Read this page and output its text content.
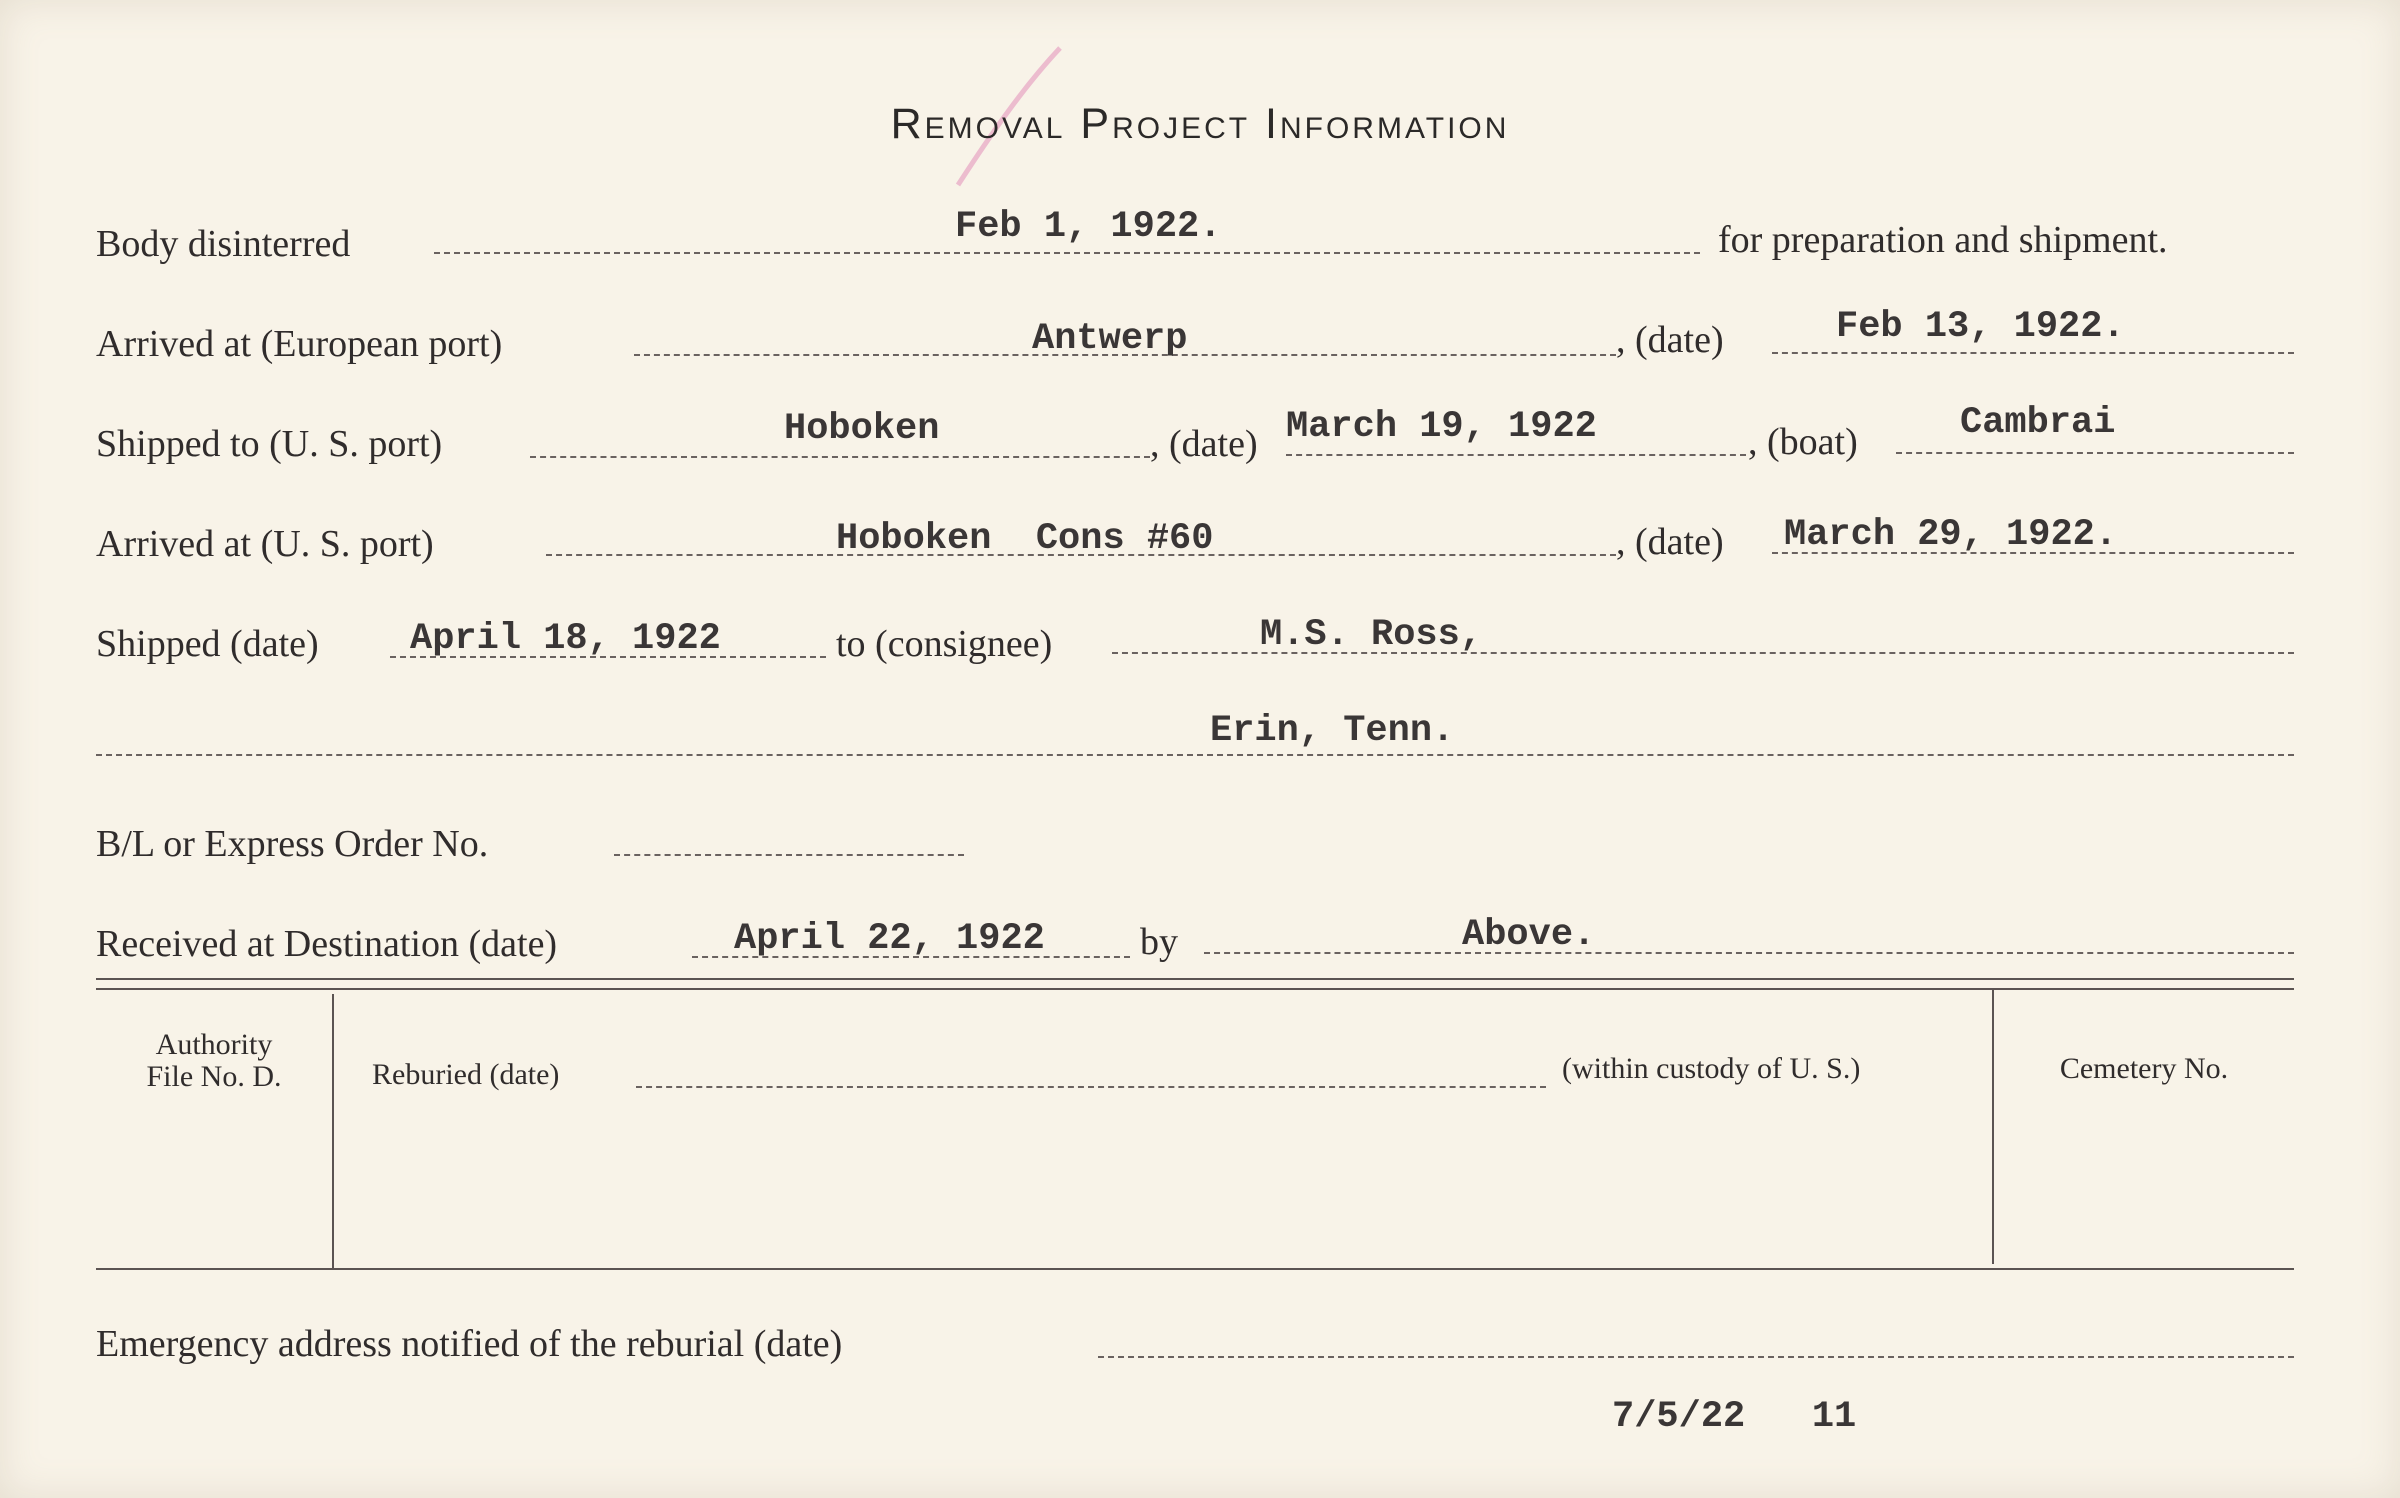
Removal Project Information
Body disinterred	Feb 1, 1922.	for preparation and shipment.
Arrived at (European port)	Antwerp	, (date)	Feb 13, 1922.
Shipped to (U. S. port)	Hoboken	, (date) March 19, 1922	, (boat)	Cambrai
Arrived at (U. S. port)	Hoboken  Cons #60	, (date) March 29, 1922.
Shipped (date) April 18, 1922	to (consignee)	M.S. Ross,
Erin, Tenn.
B/L or Express Order No.
Received at Destination (date)	April 22, 1922	by	Above.
Authority
File No. D.	Reburied (date)	(within custody of U. S.)	Cemetery No.
Emergency address notified of the reburial (date)
7/5/22   11
